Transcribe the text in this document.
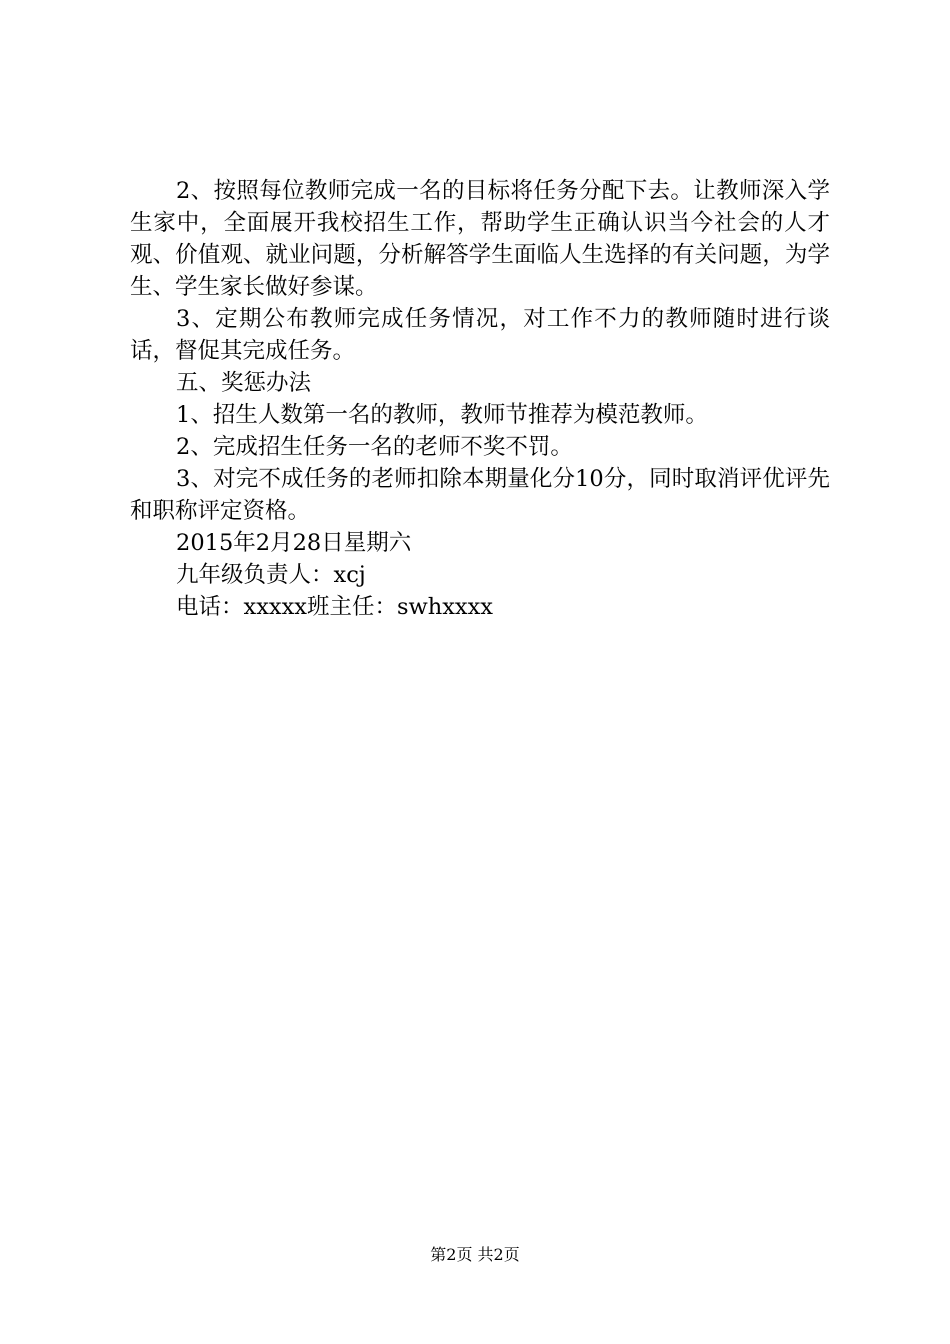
2、按照每位教师完成一名的目标将任务分配下去。让教师深入学生家中，全面展开我校招生工作，帮助学生正确认识当今社会的人才观、价值观、就业问题，分析解答学生面临人生选择的有关问题，为学生、学生家长做好参谋。

3、定期公布教师完成任务情况，对工作不力的教师随时进行谈话，督促其完成任务。

五、奖惩办法

1、招生人数第一名的教师，教师节推荐为模范教师。

2、完成招生任务一名的老师不奖不罚。

3、对完不成任务的老师扣除本期量化分10分，同时取消评优评先和职称评定资格。

2015年2月28日星期六

九年级负责人：xcj

电话：xxxxx班主任：swhxxxx

第2页 共2页
